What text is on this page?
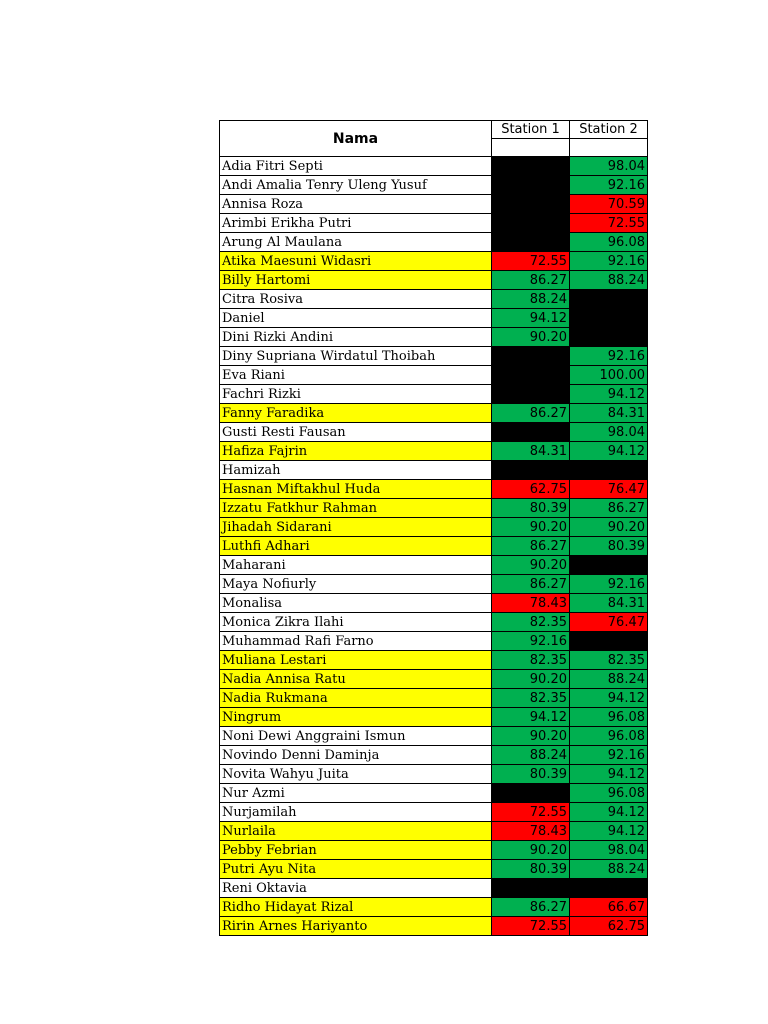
Nama	Station 1	Station 2

Adia Fitri Septi		98.04
Andi Amalia Tenry Uleng Yusuf		92.16
Annisa Roza		70.59
Arimbi Erikha Putri		72.55
Arung Al Maulana		96.08
Atika Maesuni Widasri	72.55	92.16
Billy Hartomi	86.27	88.24
Citra Rosiva	88.24	
Daniel	94.12	
Dini Rizki Andini	90.20	
Diny Supriana Wirdatul Thoibah		92.16
Eva Riani		100.00
Fachri Rizki		94.12
Fanny Faradika	86.27	84.31
Gusti Resti Fausan		98.04
Hafiza Fajrin	84.31	94.12
Hamizah		
Hasnan Miftakhul Huda	62.75	76.47
Izzatu Fatkhur Rahman	80.39	86.27
Jihadah Sidarani	90.20	90.20
Luthfi Adhari	86.27	80.39
Maharani	90.20	
Maya Nofiurly	86.27	92.16
Monalisa	78.43	84.31
Monica Zikra Ilahi	82.35	76.47
Muhammad Rafi Farno	92.16	
Muliana Lestari	82.35	82.35
Nadia Annisa Ratu	90.20	88.24
Nadia Rukmana	82.35	94.12
Ningrum	94.12	96.08
Noni Dewi Anggraini Ismun	90.20	96.08
Novindo Denni Daminja	88.24	92.16
Novita Wahyu Juita	80.39	94.12
Nur Azmi		96.08
Nurjamilah	72.55	94.12
Nurlaila	78.43	94.12
Pebby Febrian	90.20	98.04
Putri Ayu Nita	80.39	88.24
Reni Oktavia		
Ridho Hidayat Rizal	86.27	66.67
Ririn Arnes Hariyanto	72.55	62.75
